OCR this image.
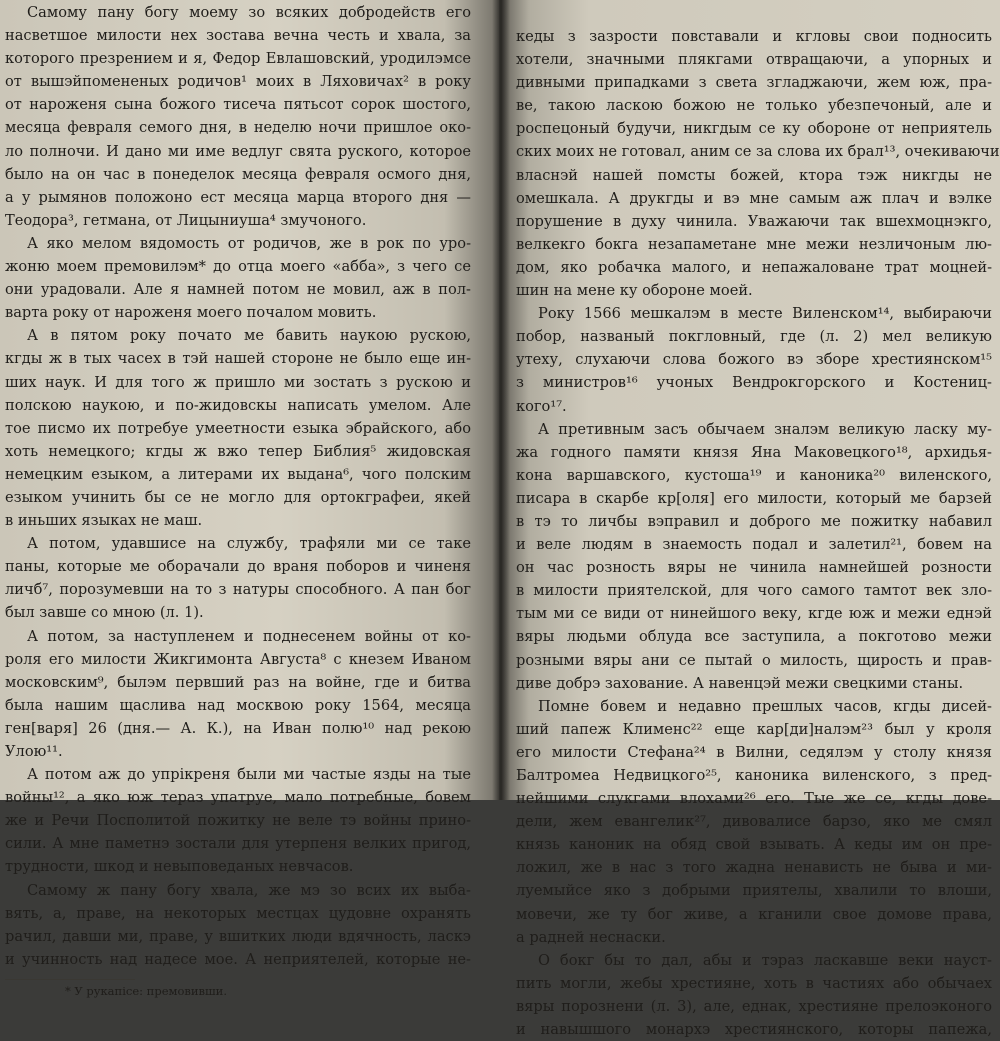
Самому пану богу моему зо всяких добродейств его
насветшое милости нех зостава вечна честь и хвала, за
которого презрением и я, Федор Евлашовский, уродилэмсе
от вышэйпомененых родичов¹ моих в Ляховичах² в року
от нароженя сына божого тисеча пятьсот сорок шостого,
месяца февраля семого дня, в неделю ночи пришлое око-
ло полночи. И дано ми име ведлуг свята руского, которое
было на он час в понеделок месяца февраля осмого дня,
а у рымянов положоно ест месяца марца второго дня —
Теодора³, гетмана, от Лицыниуша⁴ змучоного.
А яко мелом вядомость от родичов, же в рок по уро-
жоню моем премовилэм* до отца моего «абба», з чего се
они урадовали. Але я намней потом не мовил, аж в пол-
варта року от нароженя моего почалом мовить.
А в пятом року почато ме бавить наукою рускою,
кгды ж в тых часех в тэй нашей стороне не было еще ин-
ших наук. И для того ж пришло ми зостать з рускою и
полскою наукою, и по-жидовскы написать умелом. Але
тое писмо их потребуе умеетности езыка эбрайского, або
хоть немецкого; кгды ж вжо тепер Библия⁵ жидовская
немецким езыком, а литерами их выдана⁶, чого полским
езыком учинить бы се не могло для ортокграфеи, якей
в иньших языках не маш.
А потом, удавшисе на службу, трафяли ми се таке
паны, которые ме оборачали до враня поборов и чиненя
личб⁷, порозумевши на то з натуры способного. А пан бог
был завше со мною (л. 1).
А потом, за наступленем и поднесенем войны от ко-
роля его милости Жикгимонта Августа⁸ с кнезем Иваном
московским⁹, былэм первший раз на войне, где и битва
была нашим щаслива над москвою року 1564, месяца
ген[варя] 26 (дня.— А. К.), на Иван полю¹⁰ над рекою
Улою¹¹.
А потом аж до упрікреня были ми частые язды на тые
войны¹², а яко юж тераз упатруе, мало потребные, бовем
же и Речи Посполитой пожитку не веле тэ войны прино-
сили. А мне паметнэ зостали для утерпеня велких пригод,
трудности, шкод и невыповеданых невчасов.
Самому ж пану богу хвала, же мэ зо всих их выба-
вять, а, праве, на некоторых местцах цудовне охранять
рачил, давши ми, праве, у вшитких люди вдячность, ласкэ
и учинность над надесе мое. А неприятелей, которые не-
* У рукапісе: премовивши.
кеды з зазрости повставали и кгловы свои подносить
хотели, значными плякгами отвращаючи, а упорных и
дивными припадками з света згладжаючи, жем юж, пра-
ве, такою ласкою божою не только убезпечоный, але и
роспецоный будучи, никгдым се ку обороне от неприятель
ских моих не готовал, аним се за слова их брал¹³, очекиваючи
власнэй нашей помсты божей, ктора тэж никгды не
омешкала. А друкгды и вэ мне самым аж плач и вэлке
порушение в духу чинила. Уважаючи так вшехмоцнэкго,
велкекго бокга незапаметане мне межи незличоным лю-
дом, яко робачка малого, и непажаловане трат моцней-
шин на мене ку обороне моей.
Року 1566 мешкалэм в месте Виленском¹⁴, выбираючи
побор, названый покгловный, где (л. 2) мел великую
утеху, слухаючи слова божого вэ зборе хрестиянском¹⁵
з министров¹⁶ учоных Вендрокгорского и Костениц-
кого¹⁷.
А претивным засъ обычаем зналэм великую ласку му-
жа годного памяти князя Яна Маковецкого¹⁸, архидья-
кона варшавского, кустоша¹⁹ и каноника²⁰ виленского,
писара в скарбе кр[оля] его милости, который ме барзей
в тэ то личбы вэправил и доброго ме пожитку набавил
и веле людям в знаемость подал и залетил²¹, бовем на
он час розность вяры не чинила намнейшей розности
в милости приятелской, для чого самого тамтот век зло-
тым ми се види от нинейшого веку, кгде юж и межи еднэй
вяры людьми облуда все заступила, а покготово межи
розными вяры ани се пытай о милость, щирость и прав-
диве добрэ захование. А навенцэй межи свецкими станы.
Помне бовем и недавно прешлых часов, кгды дисей-
ший папеж Клименс²² еще кар[ди]налэм²³ был у кроля
его милости Стефана²⁴ в Вилни, седялэм у столу князя
Балтромеа Недвицкого²⁵, каноника виленского, з пред-
нейшими слукгами влохами²⁶ его. Тые же се, кгды дове-
дели, жем евангелик²⁷, дивовалисе барзо, яко ме смял
князь каноник на обяд свой взывать. А кеды им он пре-
ложил, же в нас з того жадна ненависть не быва и ми-
луемыйсе яко з добрыми приятелы, хвалили то влоши,
мовечи, же ту бог живе, а кганили свое домове права,
а радней неснаски.
О бокг бы то дал, абы и тэраз ласкавше веки науст-
пить могли, жебы хрестияне, хоть в частиях або обычаех
вяры порознени (л. 3), але, еднак, хрестияне прелоэконого
и навышшого монархэ хрестиянского, которы папежа,
